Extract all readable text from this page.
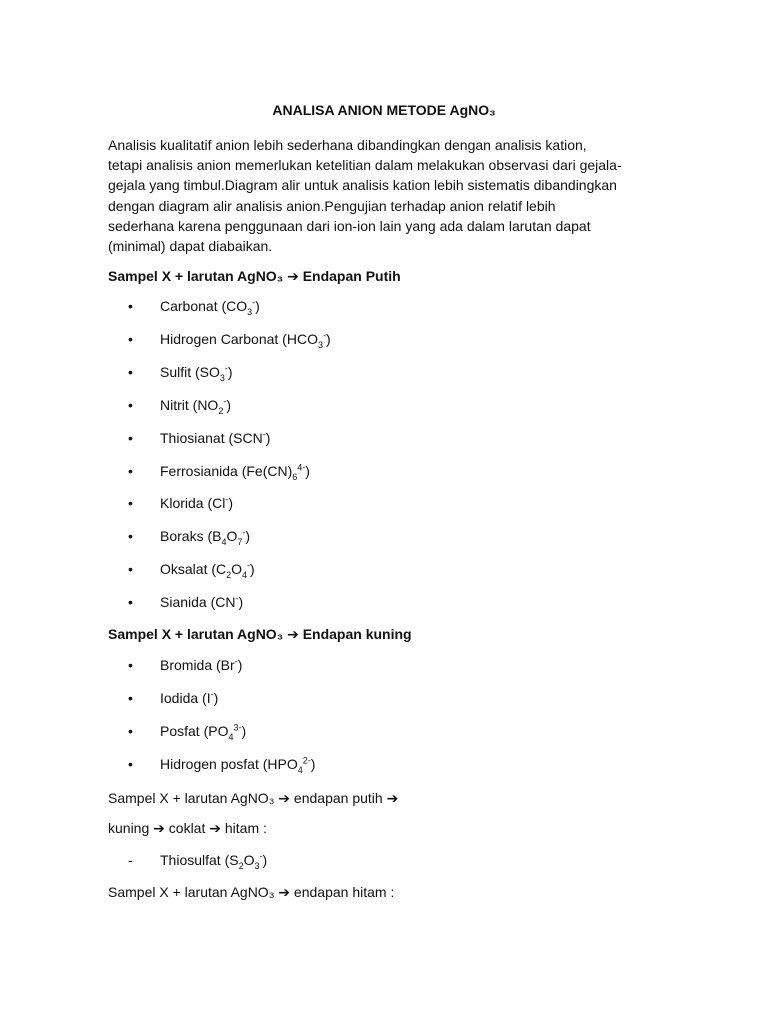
ANALISA ANION METODE AgNO₃
Analisis kualitatif anion lebih sederhana dibandingkan dengan analisis kation,
tetapi analisis anion memerlukan ketelitian dalam melakukan observasi dari gejala-
gejala yang timbul.Diagram alir untuk analisis kation lebih sistematis dibandingkan
dengan diagram alir analisis anion.Pengujian terhadap anion relatif lebih
sederhana karena penggunaan dari ion-ion lain yang ada dalam larutan dapat
(minimal) dapat diabaikan.
Sampel X + larutan AgNO₃ ➔ Endapan Putih
• Carbonat $(CO_3^-)$
• Hidrogen Carbonat $(HCO_3^-)$
• Sulfit $(SO_3^-)$
• Nitrit $(NO_2^-)$
• Thiosianat (SCN-)
• Ferrosianida $(Fe(CN)_6^{4-})$
• Klorida (Cl-)
• Boraks $(B_4O_7^-)$
• Oksalat $(C_2O_4^-)$
• Sianida (CN-)
Sampel X + larutan AgNO₃ ➔ Endapan kuning
• Bromida (Br-)
• Iodida (I-)
• Posfat $(PO_4^{3-})$
• Hidrogen posfat $(HPO_4^{2-})$
Sampel X + larutan AgNO₃ ➔ endapan putih ➔
kuning ➔ coklat ➔ hitam :
- Thiosulfat $(S_2O_3^-)$
Sampel X + larutan AgNO₃ ➔ endapan hitam :
